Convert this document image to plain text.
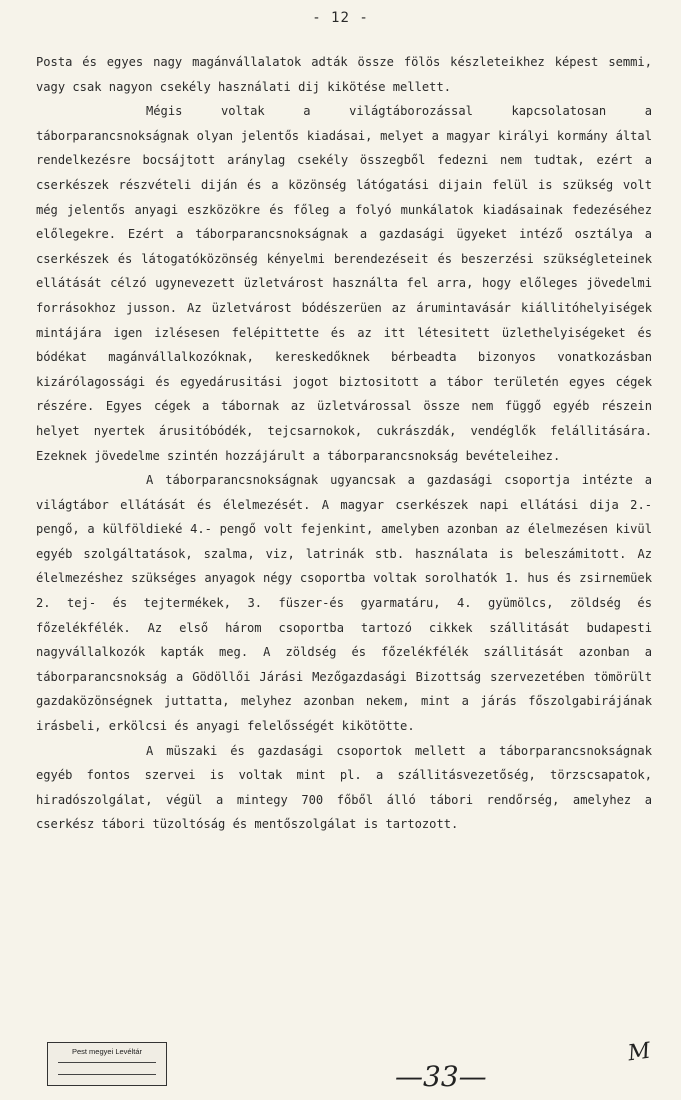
- 12 -

Posta és egyes nagy magánvállalatok adták össze fölös készleteikhez képest semmi, vagy csak nagyon csekély használati dij kikötése mellett.

Mégis voltak a világtáborozással kapcsolatosan a táborparancsnokságnak olyan jelentős kiadásai, melyet a magyar királyi kormány által rendelkezésre bocsájtott aránylag csekély összegből fedezni nem tudtak, ezért a cserkészek részvételi diján és a közönség látógatási dijain felül is szükség volt még jelentős anyagi eszközökre és főleg a folyó munkálatok kiadásainak fedezéséhez előlegekre. Ezért a táborparancsnokságnak a gazdasági ügyeket intéző osztálya a cserkészek és látogatóközönség kényelmi berendezéseit és beszerzési szükségleteinek ellátását célzó ugynevezett üzletvárost használta fel arra, hogy előleges jövedelmi forrásokhoz jusson. Az üzletvárost bódészerüen az árumintavásár kiállitóhelyiségek mintájára igen izlésesen felépittette és az itt létesitett üzlethelyiségeket és bódékat magánvállalkozóknak, kereskedőknek bérbeadta bizonyos vonatkozásban kizárólagossági és egyedárusitási jogot biztositott a tábor területén egyes cégek részére. Egyes cégek a tábornak az üzletvárossal össze nem függő egyéb részein helyet nyertek árusitóbódék, tejcsarnokok, cukrászdák, vendéglők felállitására. Ezeknek jövedelme szintén hozzájárult a táborparancsnokság bevételeihez.

A táborparancsnokságnak ugyancsak a gazdasági csoportja intézte a világtábor ellátását és élelmezését. A magyar cserkészek napi ellátási dija 2.- pengő, a külföldieké 4.- pengő volt fejenkint, amelyben azonban az élelmezésen kivül egyéb szolgáltatások, szalma, viz, latrinák stb. használata is beleszámitott. Az élelmezéshez szükséges anyagok négy csoportba voltak sorolhatók 1. hus és zsirnemüek 2. tej- és tejtermékek, 3. füszer-és gyarmatáru, 4. gyümölcs, zöldség és főzelékfélék. Az első három csoportba tartozó cikkek szállitását budapesti nagyvállalkozók kapták meg. A zöldség és főzelékfélék szállitását azonban a táborparancsnokság a Gödöllői Járási Mezőgazdasági Bizottság szervezetében tömörült gazdaközönségnek juttatta, melyhez azonban nekem, mint a járás főszolgabirájának irásbeli, erkölcsi és anyagi felelősségét kikötötte.

A müszaki és gazdasági csoportok mellett a táborparancsnokságnak egyéb fontos szervei is voltak mint pl. a szállitásvezetőség, törzscsapatok, hiradószolgálat, végül a mintegy 700 főből álló tábori rendőrség, amelyhez a cserkész tábori tüzoltóság és mentőszolgálat is tartozott.

Pest megyei Levéltár
—33—
M
